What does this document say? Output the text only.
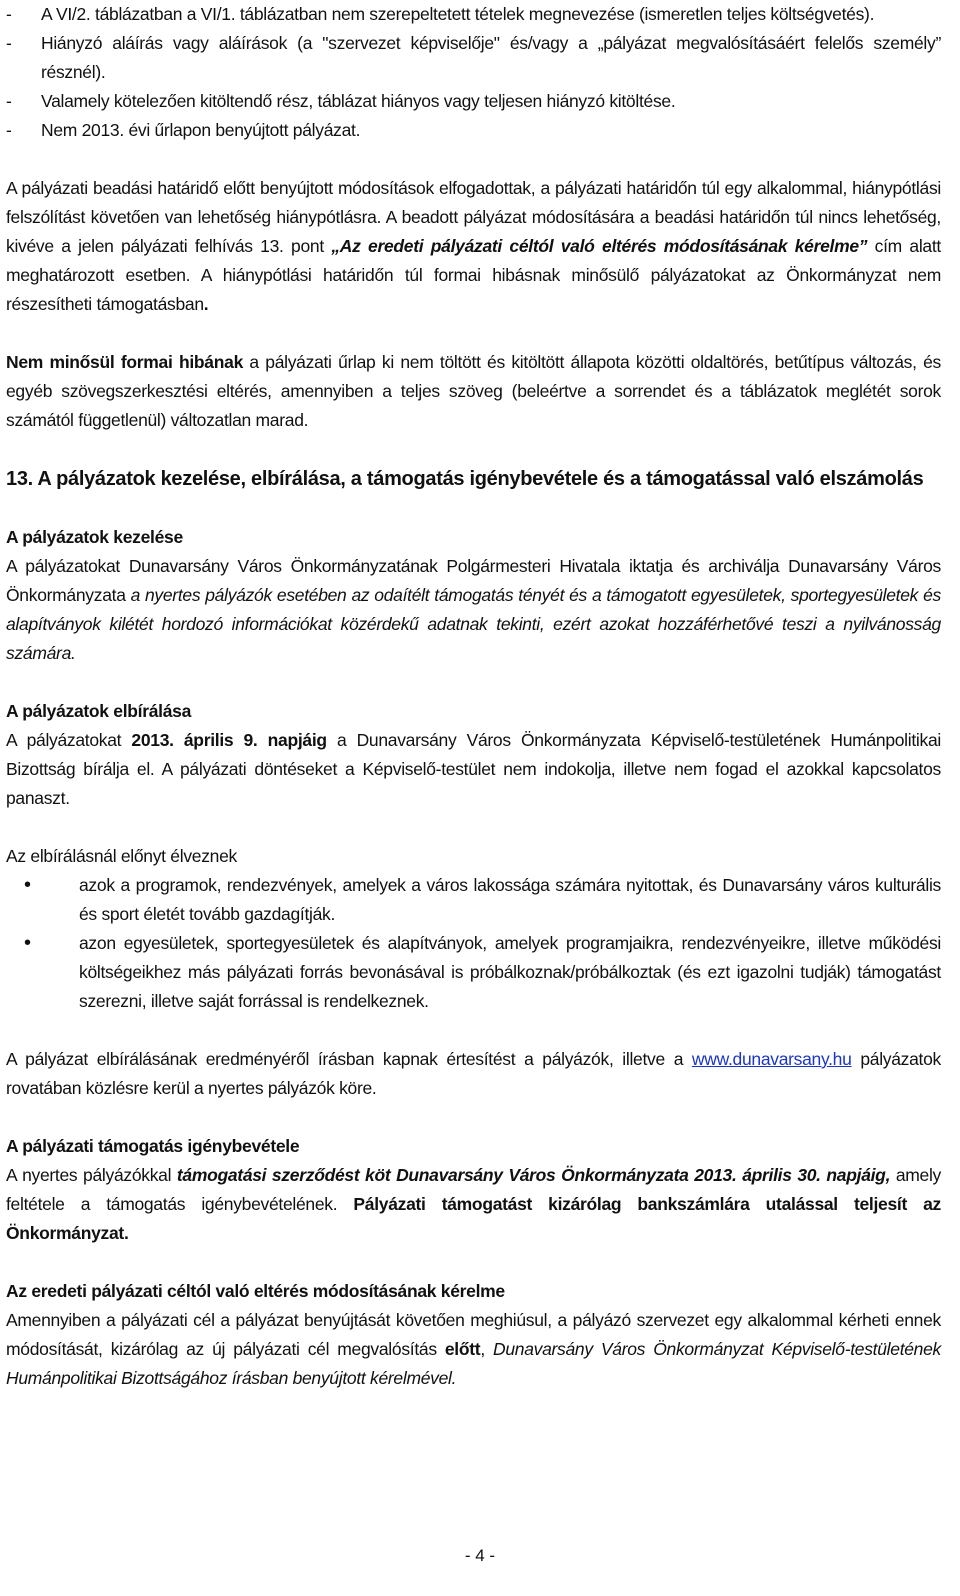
- A VI/2. táblázatban a VI/1. táblázatban nem szerepeltetett tételek megnevezése (ismeretlen teljes költségvetés).
- Hiányzó aláírás vagy aláírások (a "szervezet képviselője" és/vagy a „pályázat megvalósításáért felelős személy” résznél).
- Valamely kötelezően kitöltendő rész, táblázat hiányos vagy teljesen hiányzó kitöltése.
- Nem 2013. évi űrlapon benyújtott pályázat.

A pályázati beadási határidő előtt benyújtott módosítások elfogadottak, a pályázati határidőn túl egy alkalommal, hiánypótlási felszólítást követően van lehetőség hiánypótlásra. A beadott pályázat módosítására a beadási határidőn túl nincs lehetőség, kivéve a jelen pályázati felhívás 13. pont „Az eredeti pályázati céltól való eltérés módosításának kérelme” cím alatt meghatározott esetben. A hiánypótlási határidőn túl formai hibásnak minősülő pályázatokat az Önkormányzat nem részesítheti támogatásban.

Nem minősül formai hibának a pályázati űrlap ki nem töltött és kitöltött állapota közötti oldaltörés, betűtípus változás, és egyéb szövegszerkesztési eltérés, amennyiben a teljes szöveg (beleértve a sorrendet és a táblázatok meglétét sorok számától függetlenül) változatlan marad.

13. A pályázatok kezelése, elbírálása, a támogatás igénybevétele és a támogatással való elszámolás

A pályázatok kezelése

A pályázatokat Dunavarsány Város Önkormányzatának Polgármesteri Hivatala iktatja és archiválja Dunavarsány Város Önkormányzata a nyertes pályázók esetében az odaítélt támogatás tényét és a támogatott egyesületek, sportegyesületek és alapítványok kilétét hordozó információkat közérdekű adatnak tekinti, ezért azokat hozzáférhetővé teszi a nyilvánosság számára.

A pályázatok elbírálása

A pályázatokat 2013. április 9. napjáig a Dunavarsány Város Önkormányzata Képviselő-testületének Humánpolitikai Bizottság bírálja el. A pályázati döntéseket a Képviselő-testület nem indokolja, illetve nem fogad el azokkal kapcsolatos panaszt.

Az elbírálásnál előnyt élveznek

• azok a programok, rendezvények, amelyek a város lakossága számára nyitottak, és Dunavarsány város kulturális és sport életét tovább gazdagítják.
• azon egyesületek, sportegyesületek és alapítványok, amelyek programjaikra, rendezvényeikre, illetve működési költségeikhez más pályázati forrás bevonásával is próbálkoznak/próbálkoztak (és ezt igazolni tudják) támogatást szerezni, illetve saját forrással is rendelkeznek.

A pályázat elbírálásának eredményéről írásban kapnak értesítést a pályázók, illetve a www.dunavarsany.hu pályázatok rovatában közlésre kerül a nyertes pályázók köre.

A pályázati támogatás igénybevétele

A nyertes pályázókkal támogatási szerződést köt Dunavarsány Város Önkormányzata 2013. április 30. napjáig, amely feltétele a támogatás igénybevételének. Pályázati támogatást kizárólag bankszámlára utalással teljesít az Önkormányzat.

Az eredeti pályázati céltól való eltérés módosításának kérelme

Amennyiben a pályázati cél a pályázat benyújtását követően meghiúsul, a pályázó szervezet egy alkalommal kérheti ennek módosítását, kizárólag az új pályázati cél megvalósítás előtt, Dunavarsány Város Önkormányzat Képviselő-testületének Humánpolitikai Bizottságához írásban benyújtott kérelmével.

- 4 -
